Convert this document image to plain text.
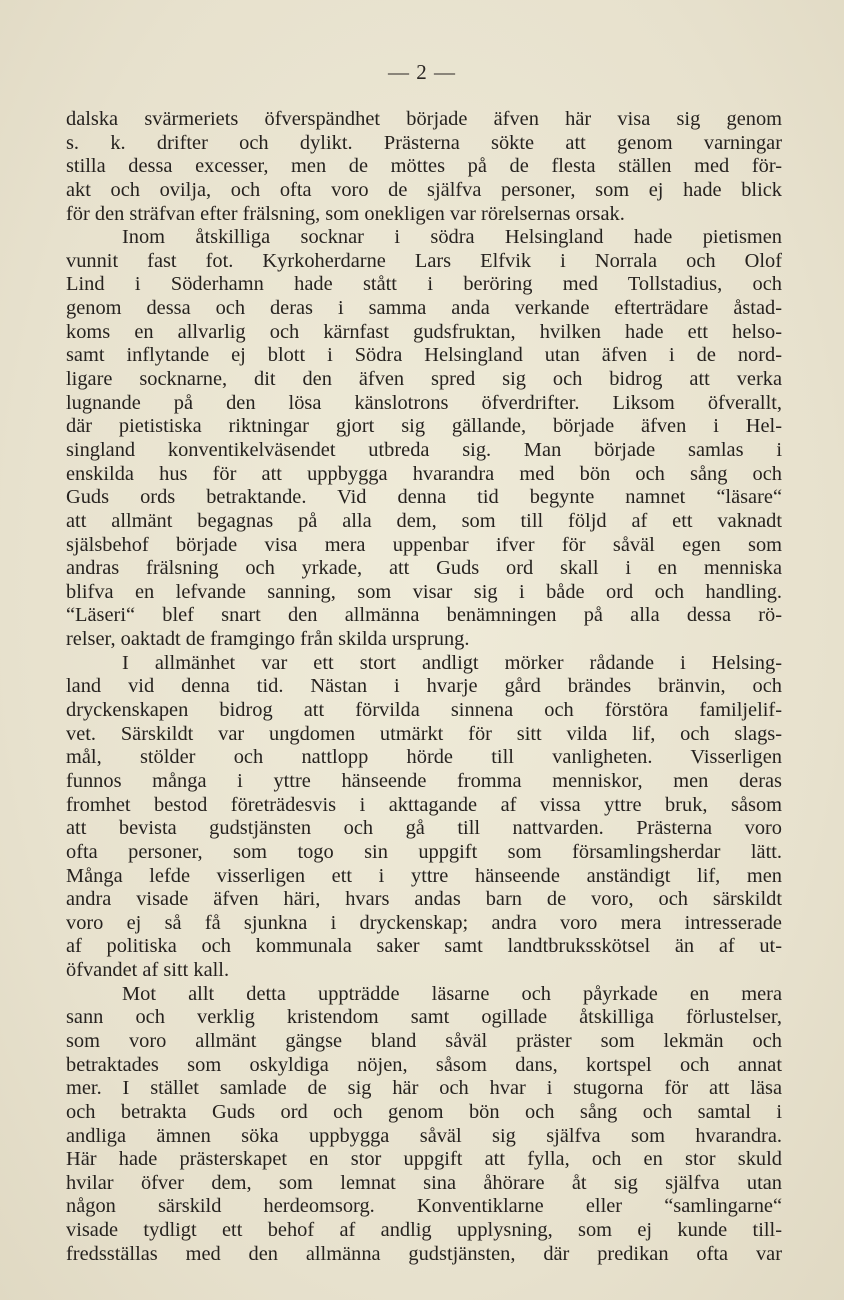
— 2 —
dalska svärmeriets öfverspändhet började äfven här visa sig genom
s. k. drifter och dylikt. Prästerna sökte att genom varningar
stilla dessa excesser, men de möttes på de flesta ställen med för-
akt och ovilja, och ofta voro de själfva personer, som ej hade blick
för den sträfvan efter frälsning, som onekligen var rörelsernas orsak.
Inom åtskilliga socknar i södra Helsingland hade pietismen
vunnit fast fot. Kyrkoherdarne Lars Elfvik i Norrala och Olof
Lind i Söderhamn hade stått i beröring med Tollstadius, och
genom dessa och deras i samma anda verkande efterträdare åstad-
koms en allvarlig och kärnfast gudsfruktan, hvilken hade ett helso-
samt inflytande ej blott i Södra Helsingland utan äfven i de nord-
ligare socknarne, dit den äfven spred sig och bidrog att verka
lugnande på den lösa känslotrons öfverdrifter. Liksom öfverallt,
där pietistiska riktningar gjort sig gällande, började äfven i Hel-
singland konventikelväsendet utbreda sig. Man började samlas i
enskilda hus för att uppbygga hvarandra med bön och sång och
Guds ords betraktande. Vid denna tid begynte namnet “läsare“
att allmänt begagnas på alla dem, som till följd af ett vaknadt
själsbehof började visa mera uppenbar ifver för såväl egen som
andras frälsning och yrkade, att Guds ord skall i en menniska
blifva en lefvande sanning, som visar sig i både ord och handling.
“Läseri“ blef snart den allmänna benämningen på alla dessa rö-
relser, oaktadt de framgingo från skilda ursprung.
I allmänhet var ett stort andligt mörker rådande i Helsing-
land vid denna tid. Nästan i hvarje gård brändes bränvin, och
dryckenskapen bidrog att förvilda sinnena och förstöra familjelif-
vet. Särskildt var ungdomen utmärkt för sitt vilda lif, och slags-
mål, stölder och nattlopp hörde till vanligheten. Visserligen
funnos många i yttre hänseende fromma menniskor, men deras
fromhet bestod företrädesvis i akttagande af vissa yttre bruk, såsom
att bevista gudstjänsten och gå till nattvarden. Prästerna voro
ofta personer, som togo sin uppgift som församlingsherdar lätt.
Många lefde visserligen ett i yttre hänseende anständigt lif, men
andra visade äfven häri, hvars andas barn de voro, och särskildt
voro ej så få sjunkna i dryckenskap; andra voro mera intresserade
af politiska och kommunala saker samt landtbruksskötsel än af ut-
öfvandet af sitt kall.
Mot allt detta uppträdde läsarne och påyrkade en mera
sann och verklig kristendom samt ogillade åtskilliga förlustelser,
som voro allmänt gängse bland såväl präster som lekmän och
betraktades som oskyldiga nöjen, såsom dans, kortspel och annat
mer. I stället samlade de sig här och hvar i stugorna för att läsa
och betrakta Guds ord och genom bön och sång och samtal i
andliga ämnen söka uppbygga såväl sig själfva som hvarandra.
Här hade prästerskapet en stor uppgift att fylla, och en stor skuld
hvilar öfver dem, som lemnat sina åhörare åt sig själfva utan
någon särskild herdeomsorg. Konventiklarne eller “samlingarne“
visade tydligt ett behof af andlig upplysning, som ej kunde till-
fredsställas med den allmänna gudstjänsten, där predikan ofta var
